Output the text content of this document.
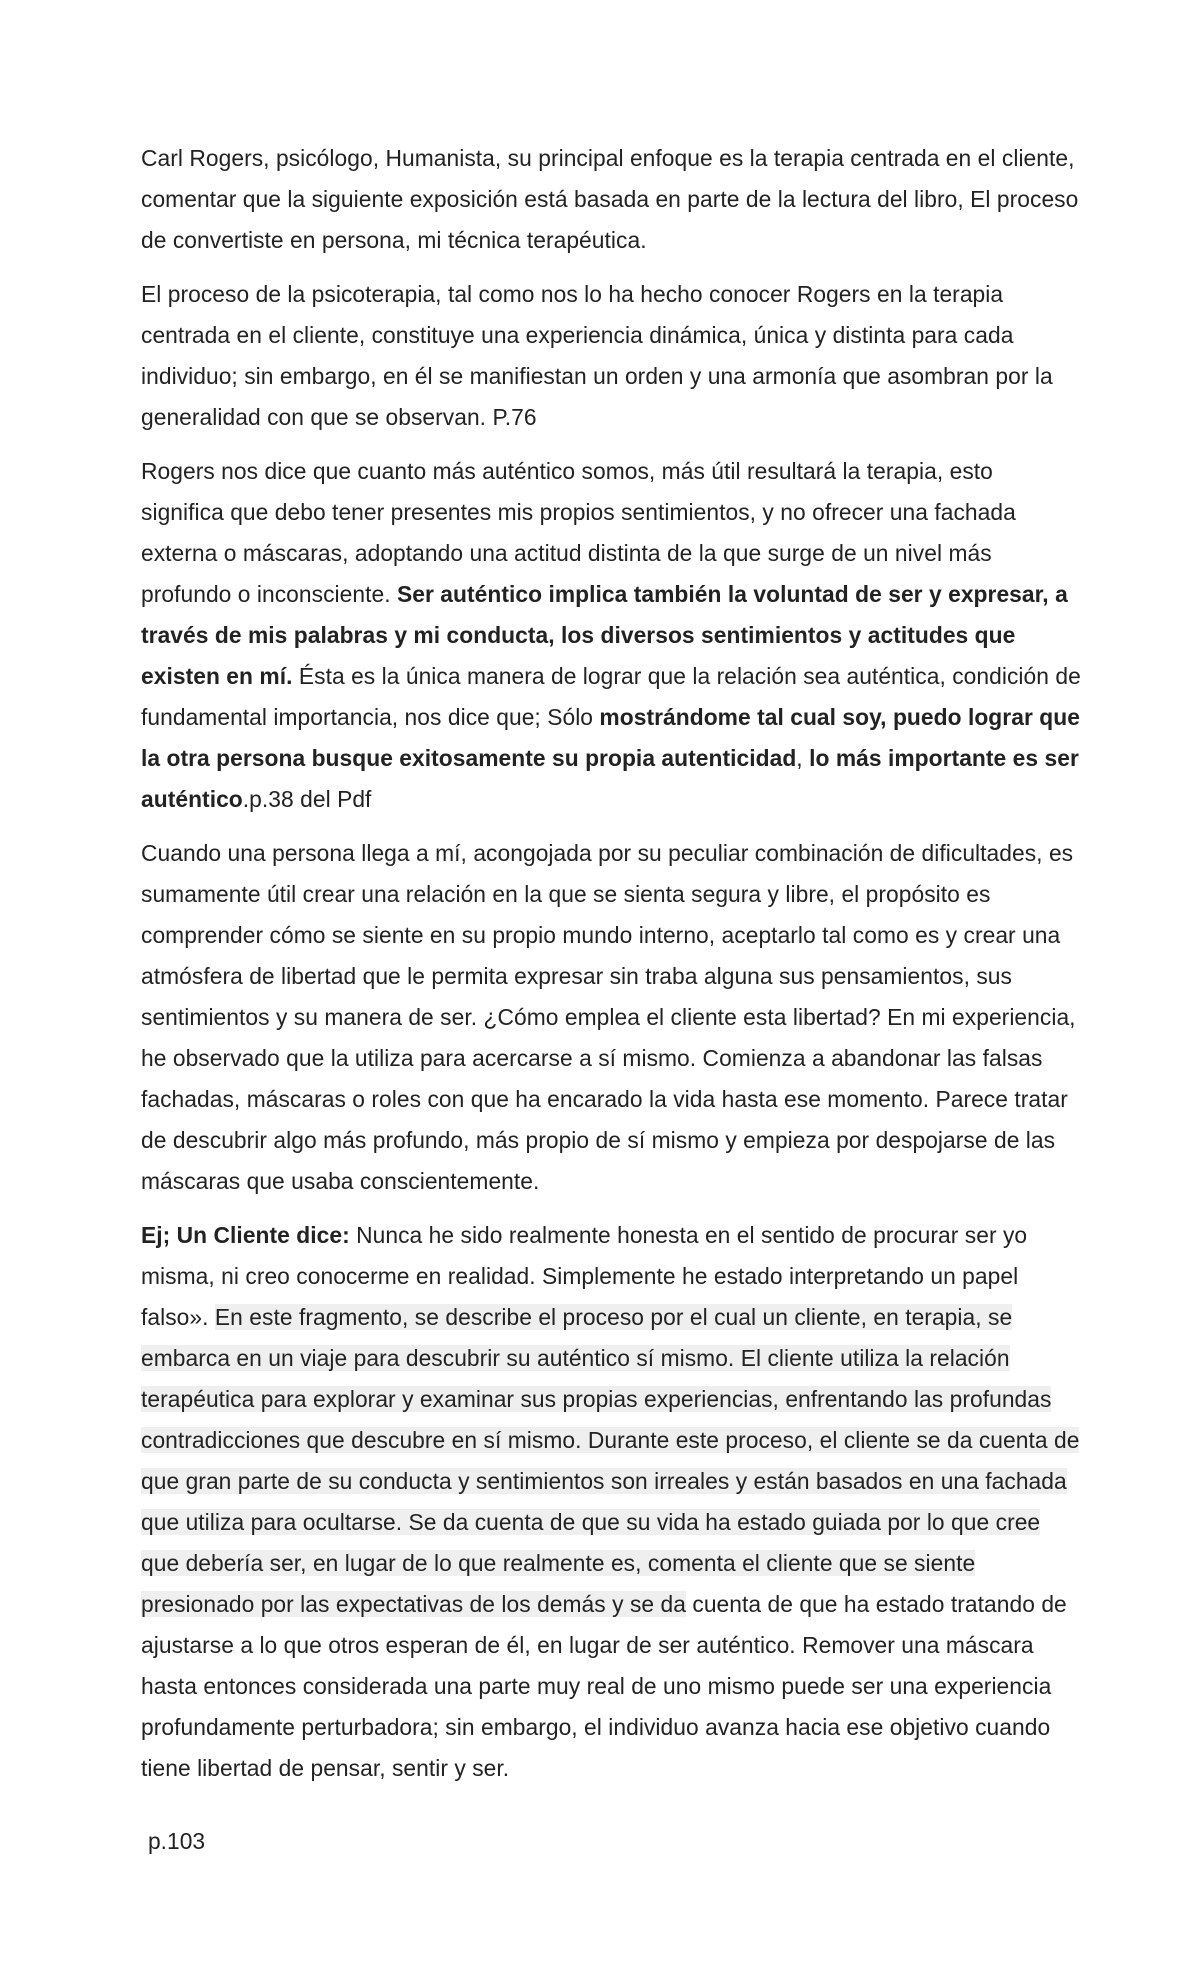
Carl Rogers, psicólogo, Humanista, su principal enfoque es la terapia centrada en el cliente, comentar que la siguiente exposición está basada en parte de la lectura del libro, El proceso de convertiste en persona, mi técnica terapéutica.

El proceso de la psicoterapia, tal como nos lo ha hecho conocer Rogers en la terapia centrada en el cliente, constituye una experiencia dinámica, única y distinta para cada individuo; sin embargo, en él se manifiestan un orden y una armonía que asombran por la generalidad con que se observan. P.76

Rogers nos dice que cuanto más auténtico somos, más útil resultará la terapia, esto significa que debo tener presentes mis propios sentimientos, y no ofrecer una fachada externa o máscaras, adoptando una actitud distinta de la que surge de un nivel más profundo o inconsciente. Ser auténtico implica también la voluntad de ser y expresar, a través de mis palabras y mi conducta, los diversos sentimientos y actitudes que existen en mí. Ésta es la única manera de lograr que la relación sea auténtica, condición de fundamental importancia, nos dice que; Sólo mostrándome tal cual soy, puedo lograr que la otra persona busque exitosamente su propia autenticidad, lo más importante es ser auténtico.p.38 del Pdf

Cuando una persona llega a mí, acongojada por su peculiar combinación de dificultades, es sumamente útil crear una relación en la que se sienta segura y libre, el propósito es comprender cómo se siente en su propio mundo interno, aceptarlo tal como es y crear una atmósfera de libertad que le permita expresar sin traba alguna sus pensamientos, sus sentimientos y su manera de ser. ¿Cómo emplea el cliente esta libertad? En mi experiencia, he observado que la utiliza para acercarse a sí mismo. Comienza a abandonar las falsas fachadas, máscaras o roles con que ha encarado la vida hasta ese momento. Parece tratar de descubrir algo más profundo, más propio de sí mismo y empieza por despojarse de las máscaras que usaba conscientemente.

Ej; Un Cliente dice: Nunca he sido realmente honesta en el sentido de procurar ser yo misma, ni creo conocerme en realidad. Simplemente he estado interpretando un papel falso». En este fragmento, se describe el proceso por el cual un cliente, en terapia, se embarca en un viaje para descubrir su auténtico sí mismo. El cliente utiliza la relación terapéutica para explorar y examinar sus propias experiencias, enfrentando las profundas contradicciones que descubre en sí mismo. Durante este proceso, el cliente se da cuenta de que gran parte de su conducta y sentimientos son irreales y están basados en una fachada que utiliza para ocultarse. Se da cuenta de que su vida ha estado guiada por lo que cree que debería ser, en lugar de lo que realmente es, comenta el cliente que se siente presionado por las expectativas de los demás y se da cuenta de que ha estado tratando de ajustarse a lo que otros esperan de él, en lugar de ser auténtico. Remover una máscara hasta entonces considerada una parte muy real de uno mismo puede ser una experiencia profundamente perturbadora; sin embargo, el individuo avanza hacia ese objetivo cuando tiene libertad de pensar, sentir y ser.

p.103
